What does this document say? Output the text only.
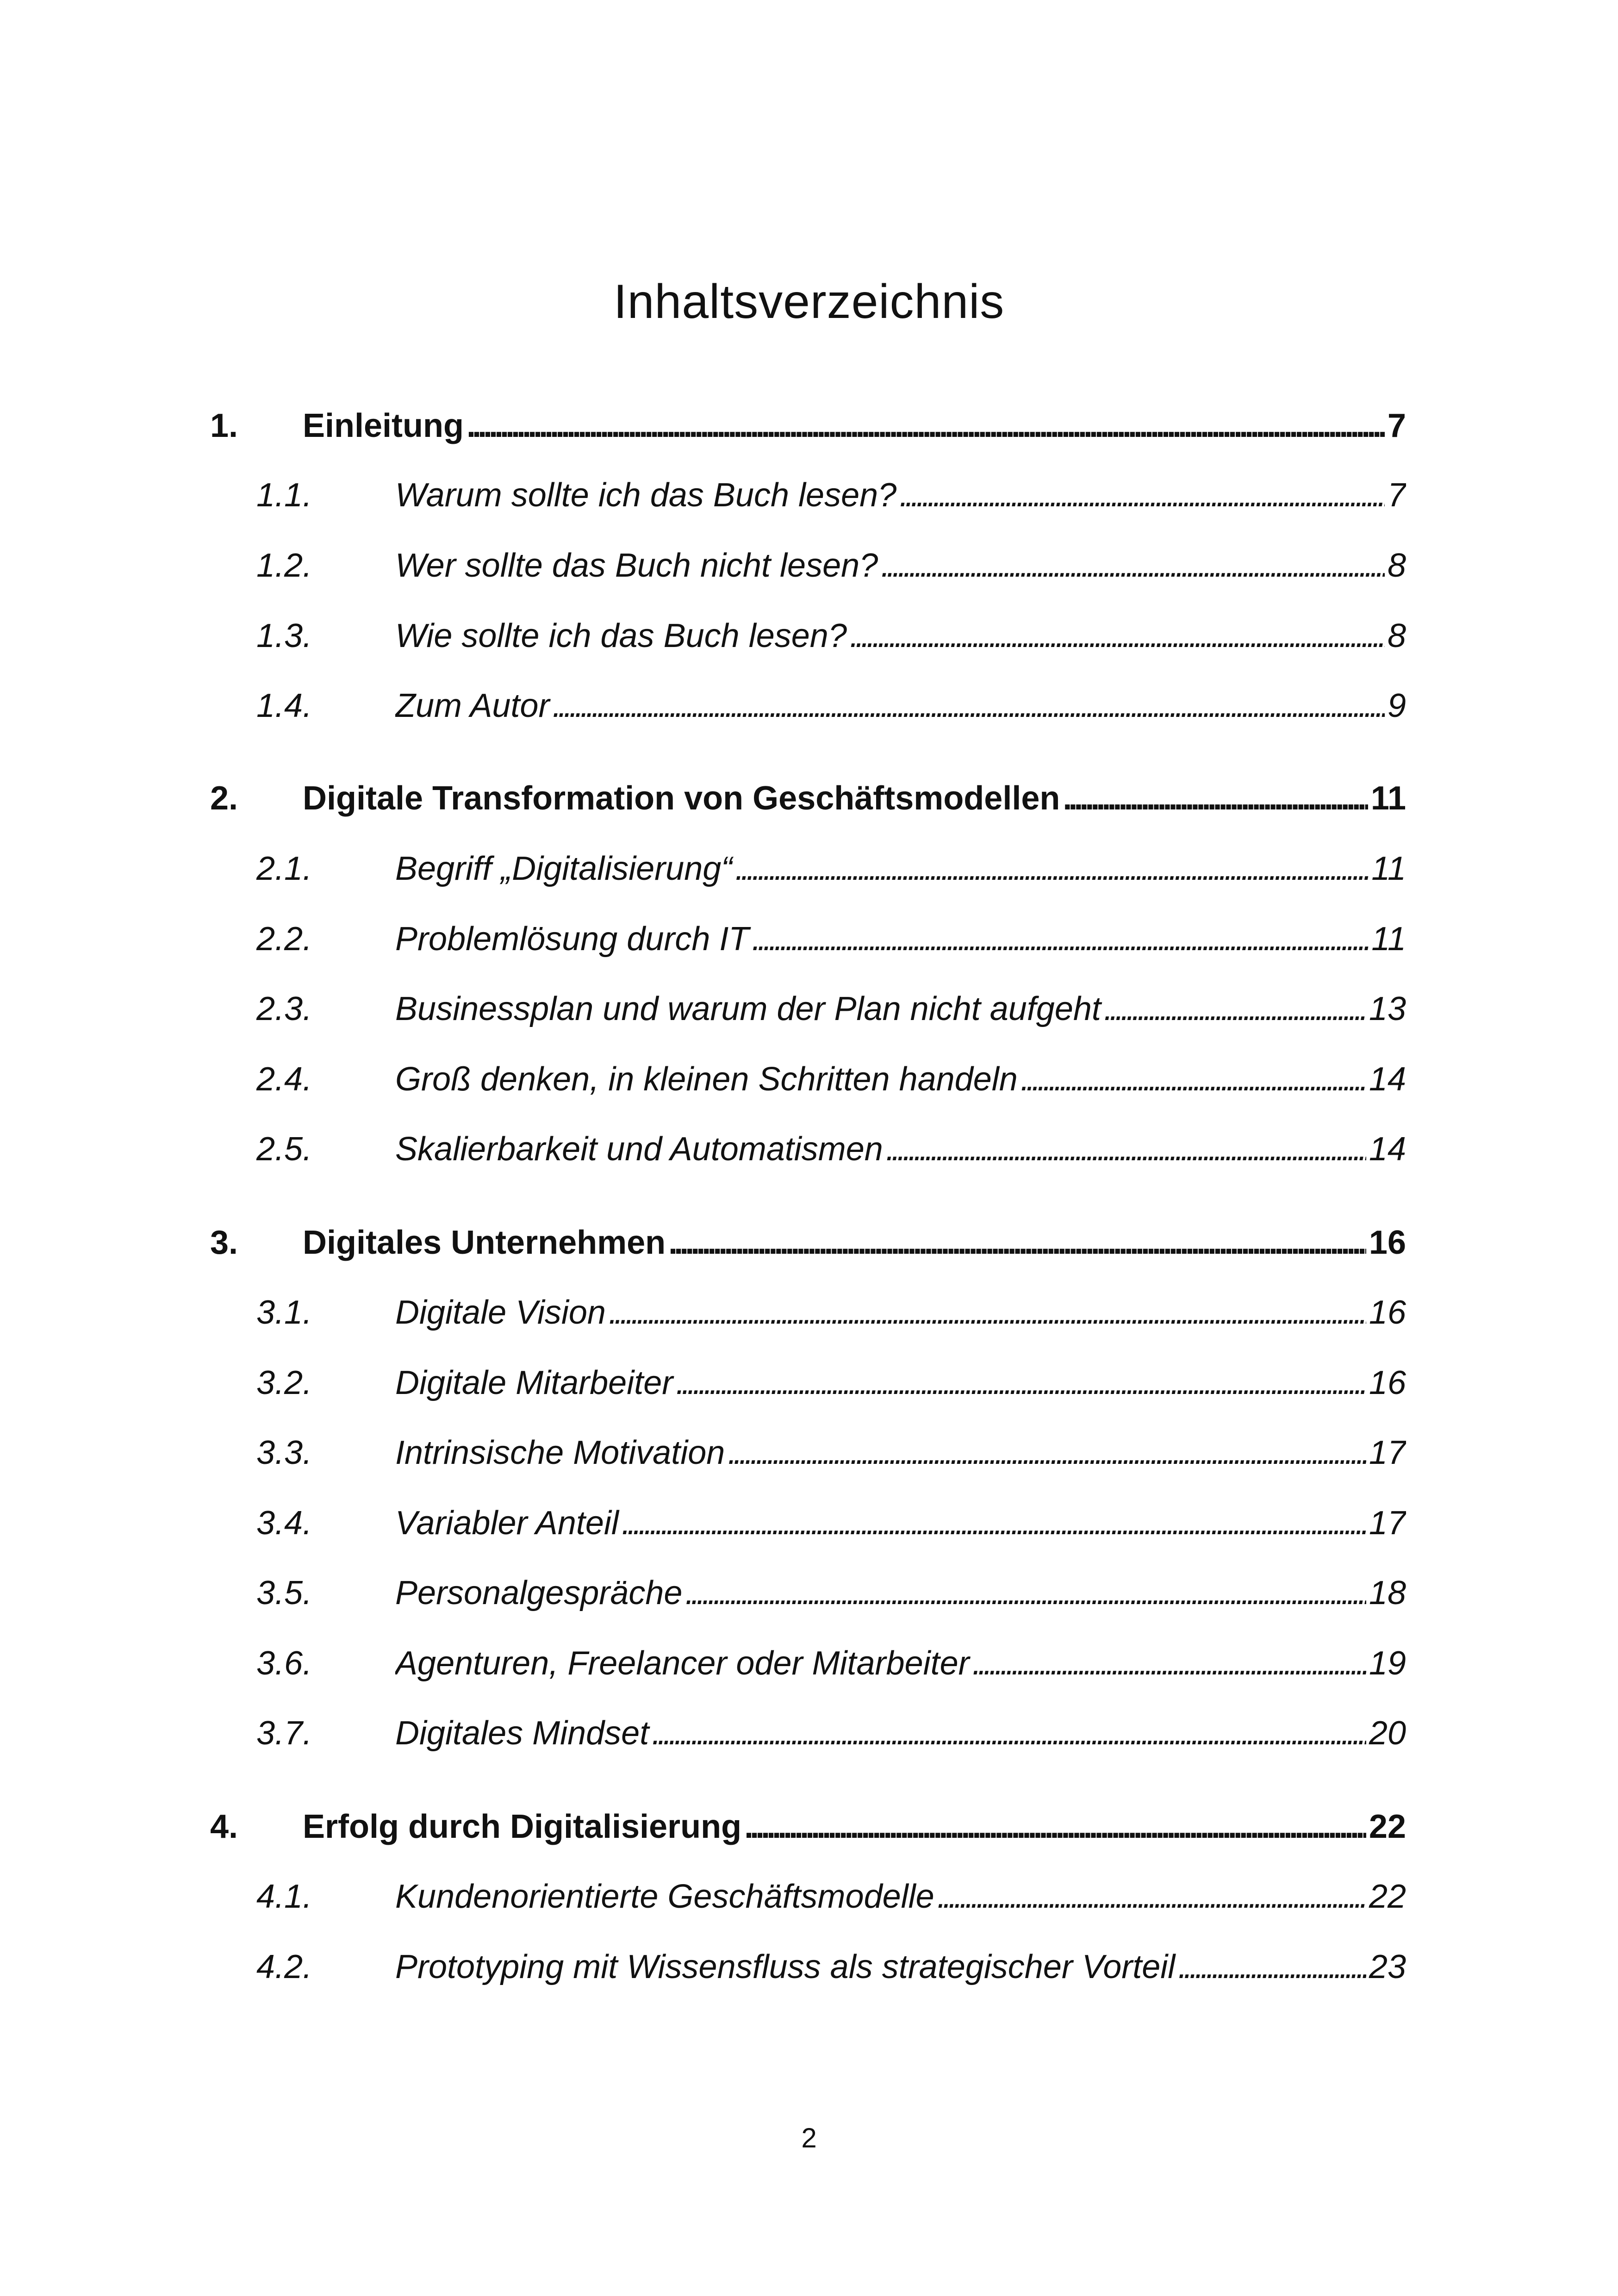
Inhaltsverzeichnis
1. Einleitung . . .	7
1.1. Warum sollte ich das Buch lesen? . . .	7
1.2. Wer sollte das Buch nicht lesen? . . .	8
1.3. Wie sollte ich das Buch lesen? . . .	8
1.4. Zum Autor . . .	9
2. Digitale Transformation von Geschäftsmodellen . . .	11
2.1. Begriff „Digitalisierung“ . . .	11
2.2. Problemlösung durch IT . . .	11
2.3. Businessplan und warum der Plan nicht aufgeht . . .	13
2.4. Groß denken, in kleinen Schritten handeln . . .	14
2.5. Skalierbarkeit und Automatismen . . .	14
3. Digitales Unternehmen . . .	16
3.1. Digitale Vision . . .	16
3.2. Digitale Mitarbeiter . . .	16
3.3. Intrinsische Motivation . . .	17
3.4. Variabler Anteil . . .	17
3.5. Personalgespräche . . .	18
3.6. Agenturen, Freelancer oder Mitarbeiter . . .	19
3.7. Digitales Mindset . . .	20
4. Erfolg durch Digitalisierung . . .	22
4.1. Kundenorientierte Geschäftsmodelle . . .	22
4.2. Prototyping mit Wissensfluss als strategischer Vorteil . . .	23
2
